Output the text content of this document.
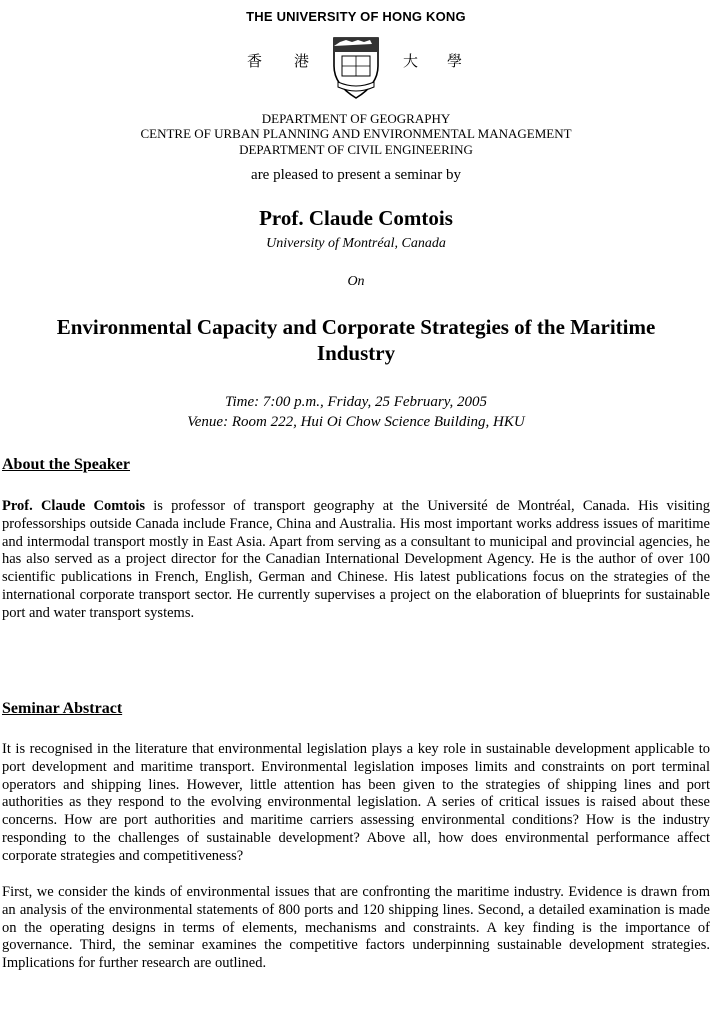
THE UNIVERSITY OF HONG KONG
香 港	大 學
DEPARTMENT OF GEOGRAPHY
CENTRE OF URBAN PLANNING AND ENVIRONMENTAL MANAGEMENT
DEPARTMENT OF CIVIL ENGINEERING
are pleased to present a seminar by
Prof. Claude Comtois
University of Montréal, Canada
On
Environmental Capacity and Corporate Strategies of the Maritime Industry
Time: 7:00 p.m., Friday, 25 February, 2005
Venue: Room 222, Hui Oi Chow Science Building, HKU
About the Speaker
Prof. Claude Comtois is professor of transport geography at the Université de Montréal, Canada. His visiting professorships outside Canada include France, China and Australia. His most important works address issues of maritime and intermodal transport mostly in East Asia. Apart from serving as a consultant to municipal and provincial agencies, he has also served as a project director for the Canadian International Development Agency. He is the author of over 100 scientific publications in French, English, German and Chinese. His latest publications focus on the strategies of the international corporate transport sector. He currently supervises a project on the elaboration of blueprints for sustainable port and water transport systems.
Seminar Abstract
It is recognised in the literature that environmental legislation plays a key role in sustainable development applicable to port development and maritime transport. Environmental legislation imposes limits and constraints on port terminal operators and shipping lines. However, little attention has been given to the strategies of shipping lines and port authorities as they respond to the evolving environmental legislation. A series of critical issues is raised about these concerns. How are port authorities and maritime carriers assessing environmental conditions? How is the industry responding to the challenges of sustainable development? Above all, how does environmental performance affect corporate strategies and competitiveness?
First, we consider the kinds of environmental issues that are confronting the maritime industry. Evidence is drawn from an analysis of the environmental statements of 800 ports and 120 shipping lines. Second, a detailed examination is made on the operating designs in terms of elements, mechanisms and constraints. A key finding is the importance of governance. Third, the seminar examines the competitive factors underpinning sustainable development strategies. Implications for further research are outlined.
